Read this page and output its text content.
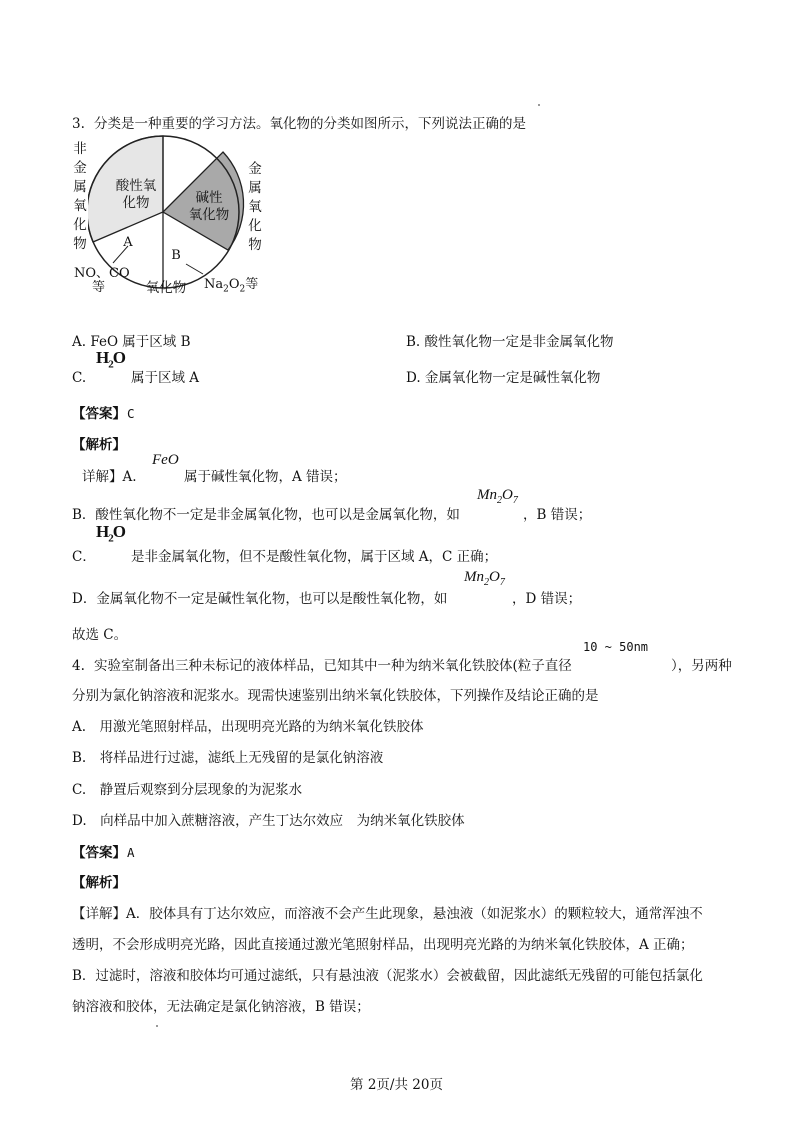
3. 分类是一种重要的学习方法。氧化物的分类如图所示，下列说法正确的是
非金属氧化物
金属氧化物
酸性氧
化物	碱性
氧化物
A
B
氧化物
NO、CO
等	$Na_2O_2$等
A. FeO 属于区域 B	B. 酸性氧化物一定是非金属氧化物
$H_2O$
C.	属于区域 A	D. 金属氧化物一定是碱性氧化物
【答案】 C
【解析】
FeO
详解】A.	属于碱性氧化物，A 错误；
$Mn_2O_7$
B．酸性氧化物不一定是非金属氧化物，也可以是金属氧化物，如	，B 错误；
$H_2O$
C．	是非金属氧化物，但不是酸性氧化物，属于区域 A，C 正确；
$Mn_2O_7$
D．金属氧化物不一定是碱性氧化物，也可以是酸性氧化物，如	，D 错误；
故选 C。
10 ~ 50nm
4. 实验室制备出三种未标记的液体样品，已知其中一种为纳米氧化铁胶体(粒子直径	），另两种
分别为氯化钠溶液和泥浆水。现需快速鉴别出纳米氧化铁胶体，下列操作及结论正确的是
A.　用激光笔照射样品，出现明亮光路的为纳米氧化铁胶体
B.　将样品进行过滤，滤纸上无残留的是氯化钠溶液
C.　静置后观察到分层现象的为泥浆水
D.　向样品中加入蔗糖溶液，产生丁达尔效应　为纳米氧化铁胶体
【答案】 A
【解析】
【详解】A．胶体具有丁达尔效应，而溶液不会产生此现象，悬浊液（如泥浆水）的颗粒较大，通常浑浊不
透明，不会形成明亮光路，因此直接通过激光笔照射样品，出现明亮光路的为纳米氧化铁胶体，A 正确；
B．过滤时，溶液和胶体均可通过滤纸，只有悬浊液（泥浆水）会被截留，因此滤纸无残留的可能包括氯化
钠溶液和胶体，无法确定是氯化钠溶液，B 错误；
第 2页/共 20页
